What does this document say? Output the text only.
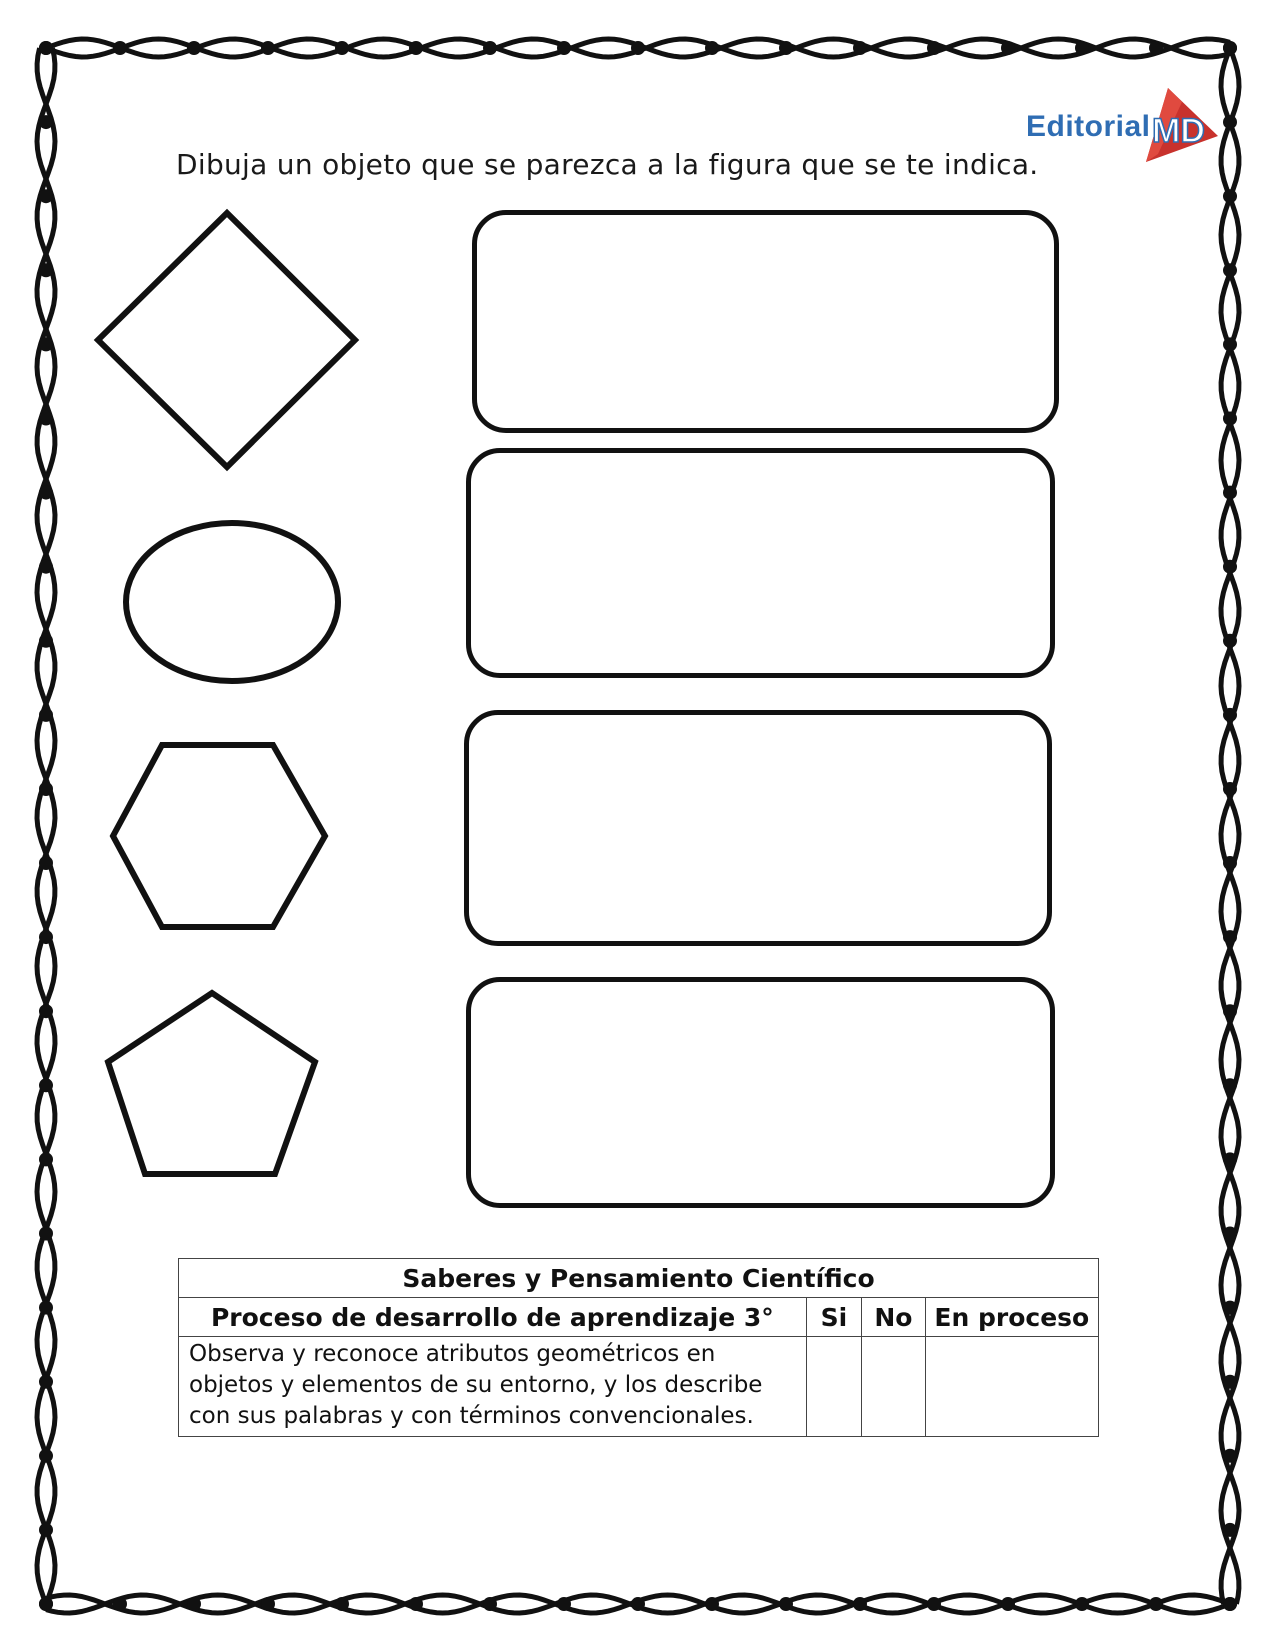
Editorial MD
Dibuja un objeto que se parezca a la figura que se te indica.
Saberes y Pensamiento Científico			
Proceso de desarrollo de aprendizaje 3°	Si	No	En proceso
Observa y reconoce atributos geométricos en objetos y elementos de su entorno, y los describe con sus palabras y con términos convencionales.			
